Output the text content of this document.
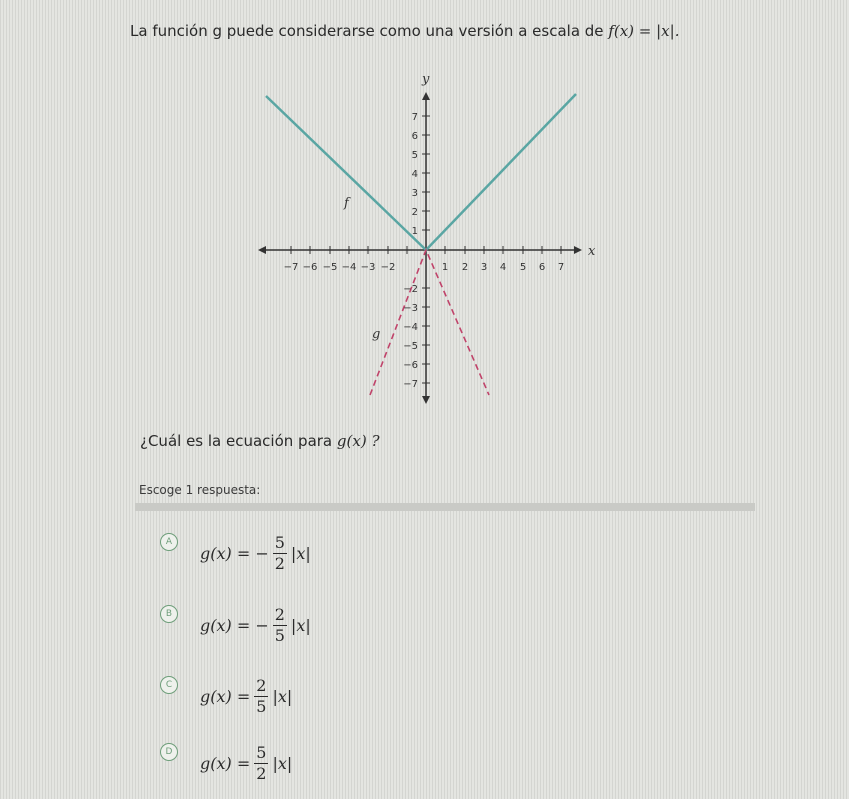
La función g puede considerarse como una versión a escala de f(x) = |x|.
y
x
f
g
−7 −6 −5 −4 −3 −2	1 2 3 4 5 6 7
7
6
5
4
3
2
1
−2
−3
−4
−5
−6
−7
¿Cuál es la ecuación para g(x) ?
Escoge 1 respuesta:
A
g(x) = − $\frac{5}{2} |x|$
B
g(x) = − $\frac{2}{5} |x|$
C
$g(x) = \frac{2}{5} |x|$
D
$g(x) = \frac{5}{2} |x|$
